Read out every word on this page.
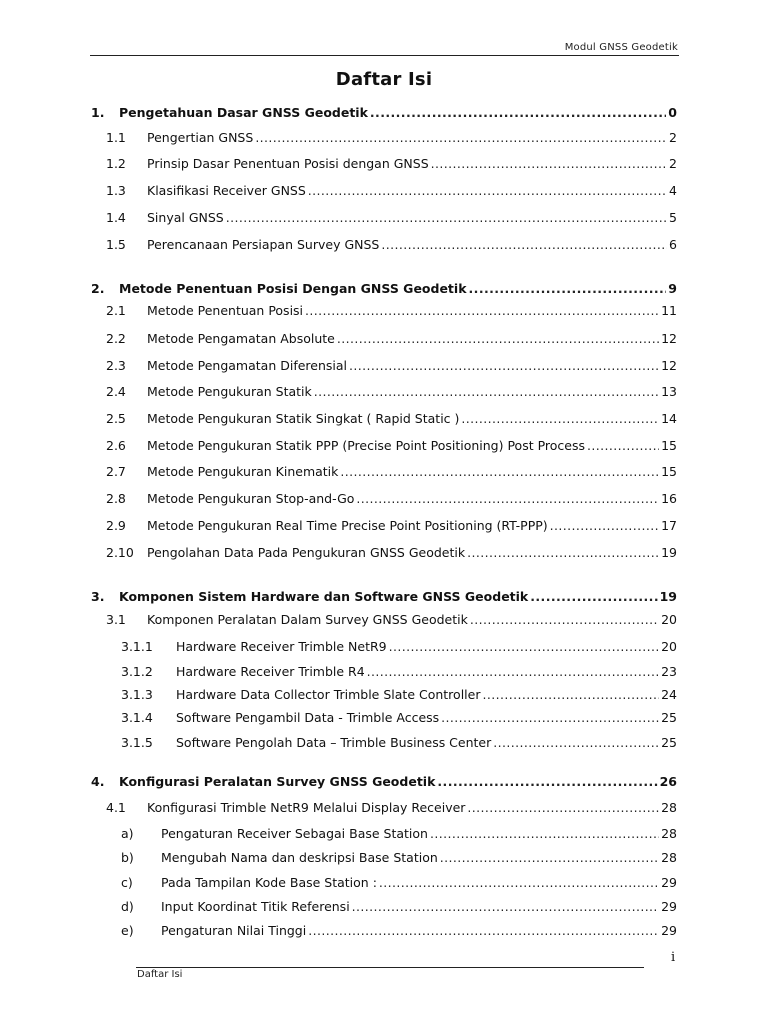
Modul GNSS Geodetik
Daftar Isi
1. Pengetahuan Dasar GNSS Geodetik .....	0
1.1 Pengertian GNSS .....	2
1.2 Prinsip Dasar Penentuan Posisi dengan GNSS .....	2
1.3 Klasifikasi Receiver GNSS .....	4
1.4 Sinyal GNSS .....	5
1.5 Perencanaan Persiapan Survey GNSS .....	6
2. Metode Penentuan Posisi Dengan GNSS Geodetik .....	9
2.1 Metode Penentuan Posisi .....	11
2.2 Metode Pengamatan Absolute .....	12
2.3 Metode Pengamatan Diferensial .....	12
2.4 Metode Pengukuran Statik .....	13
2.5 Metode Pengukuran Statik Singkat ( Rapid Static ) .....	14
2.6 Metode Pengukuran Statik PPP (Precise Point Positioning) Post Process .....	15
2.7 Metode Pengukuran Kinematik .....	15
2.8 Metode Pengukuran Stop-and-Go .....	16
2.9 Metode Pengukuran Real Time Precise Point Positioning (RT-PPP) .....	17
2.10 Pengolahan Data Pada Pengukuran GNSS Geodetik .....	19
3. Komponen Sistem Hardware dan Software GNSS Geodetik .....	19
3.1 Komponen Peralatan Dalam Survey GNSS Geodetik .....	20
3.1.1 Hardware Receiver Trimble NetR9 .....	20
3.1.2 Hardware Receiver Trimble R4 .....	23
3.1.3 Hardware Data Collector Trimble Slate Controller .....	24
3.1.4 Software Pengambil Data - Trimble Access .....	25
3.1.5 Software Pengolah Data – Trimble Business Center .....	25
4. Konfigurasi Peralatan Survey GNSS Geodetik .....	26
4.1 Konfigurasi Trimble NetR9 Melalui Display Receiver .....	28
a) Pengaturan Receiver Sebagai Base Station .....	28
b) Mengubah Nama dan deskripsi Base Station .....	28
c) Pada Tampilan Kode Base Station : .....	29
d) Input Koordinat Titik Referensi .....	29
e) Pengaturan Nilai Tinggi .....	29
i
Daftar Isi
